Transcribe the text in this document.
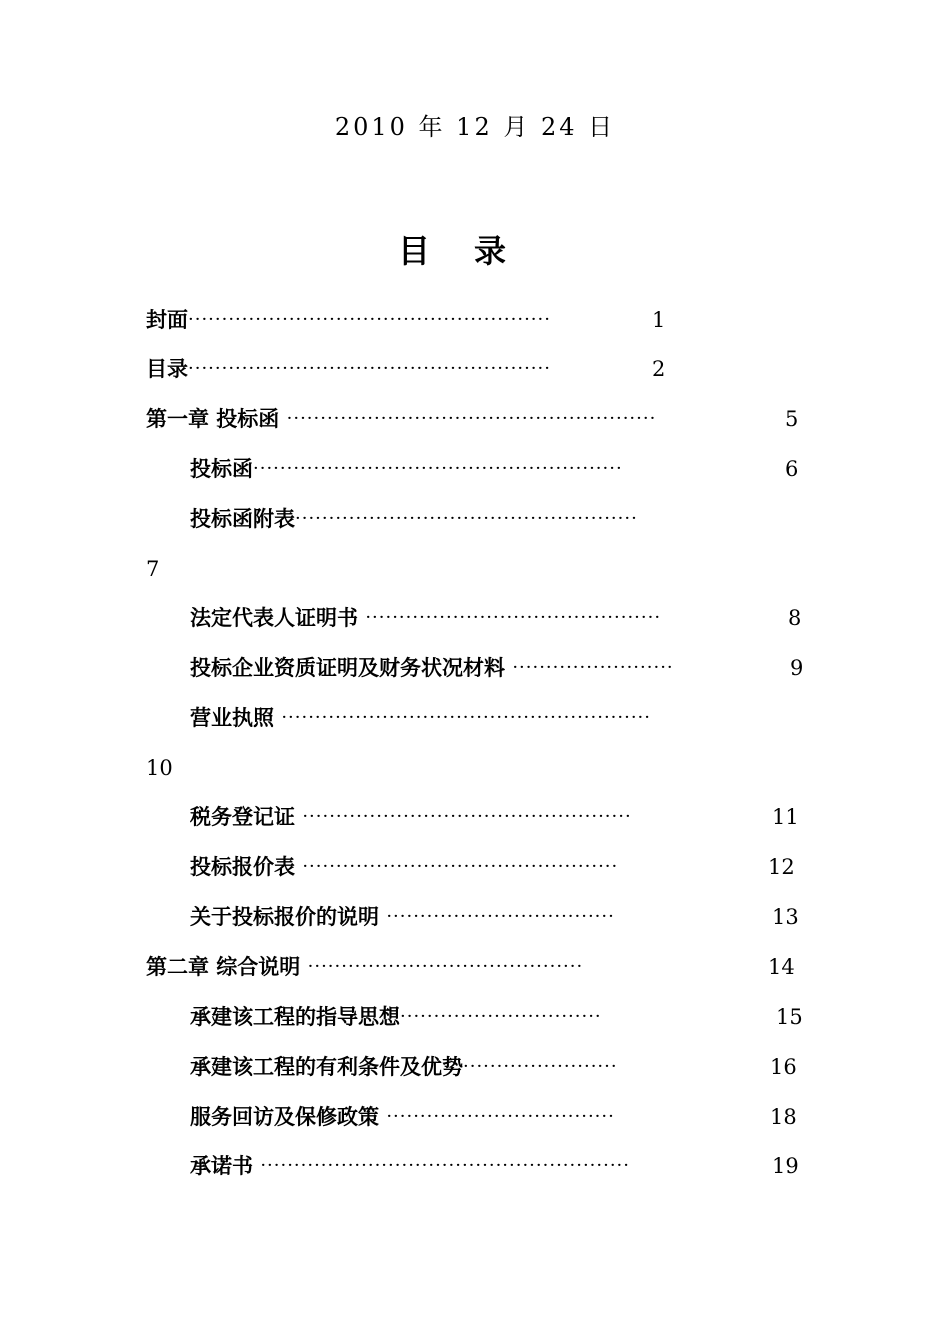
2010 年 12 月 24 日
目录
封面······················································	1
目录······················································	2
第一章 投标函 ·······················································	5
投标函·······················································	6
投标函附表···················································
7
法定代表人证明书 ············································	8
投标企业资质证明及财务状况材料 ························	9
营业执照 ·······················································
10
税务登记证 ·················································	11
投标报价表 ···············································	12
关于投标报价的说明 ··································	13
第二章 综合说明 ·········································	14
承建该工程的指导思想······························	15
承建该工程的有利条件及优势·······················	16
服务回访及保修政策 ··································	18
承诺书 ·······················································	19
